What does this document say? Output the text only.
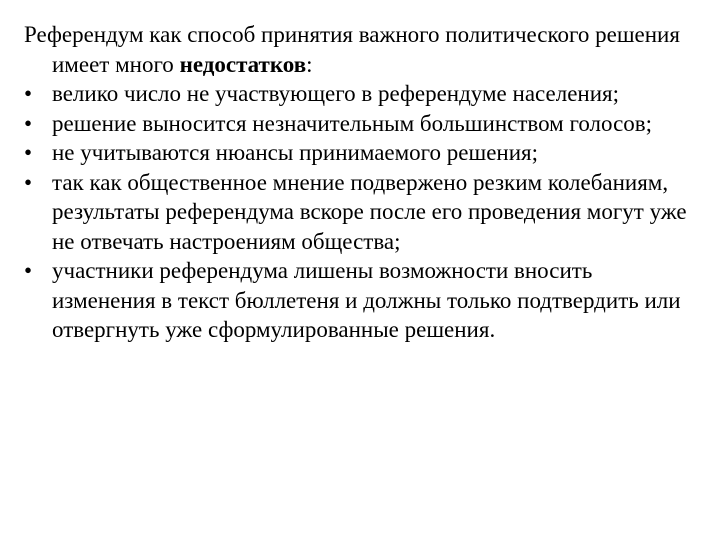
Референдум как способ принятия важного политического решения имеет много недостатков:

• велико число не участвующего в референдуме населения;
• решение выносится незначительным большинством голосов;
• не учитываются нюансы принимаемого решения;
• так как общественное мнение подвержено резким колебаниям, результаты референдума вскоре после его проведения могут уже не отвечать настроениям общества;
• участники референдума лишены возможности вносить изменения в текст бюллетеня и должны только подтвердить или отвергнуть уже сформулированные решения.
